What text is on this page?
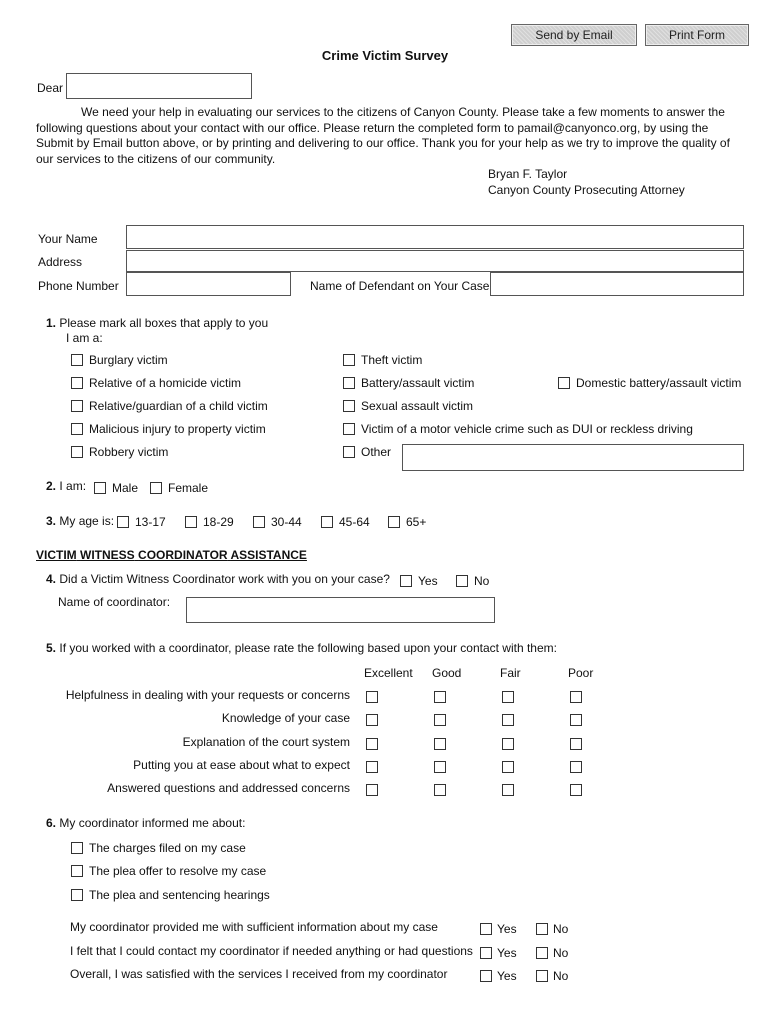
Send by Email	Print Form
Crime Victim Survey
Dear
We need your help in evaluating our services to the citizens of Canyon County. Please take a few moments to answer the following questions about your contact with our office. Please return the completed form to pamail@canyonco.org, by using the Submit by Email button above, or by printing and delivering to our office. Thank you for your help as we try to improve the quality of our services to the citizens of our community.
Bryan F. Taylor
Canyon County Prosecuting Attorney
Your Name
Address
Phone Number	Name of Defendant on Your Case
1. Please mark all boxes that apply to you
I am a:
Burglary victim	Theft victim
Relative of a homicide victim	Battery/assault victim	Domestic battery/assault victim
Relative/guardian of a child victim	Sexual assault victim
Malicious injury to property victim	Victim of a motor vehicle crime such as DUI or reckless driving
Robbery victim	Other
2. I am: Male Female
3. My age is: 13-17	18-29	30-44	45-64	65+
VICTIM WITNESS COORDINATOR ASSISTANCE
4. Did a Victim Witness Coordinator work with you on your case? Yes	No
Name of coordinator:
5. If you worked with a coordinator, please rate the following based upon your contact with them:
Excellent Good	Fair	Poor
Helpfulness in dealing with your requests or concerns
Knowledge of your case
Explanation of the court system
Putting you at ease about what to expect
Answered questions and addressed concerns
6. My coordinator informed me about:
The charges filed on my case
The plea offer to resolve my case
The plea and sentencing hearings
My coordinator provided me with sufficient information about my case	Yes	No
I felt that I could contact my coordinator if needed anything or had questions Yes	No
Overall, I was satisfied with the services I received from my coordinator	Yes	No
